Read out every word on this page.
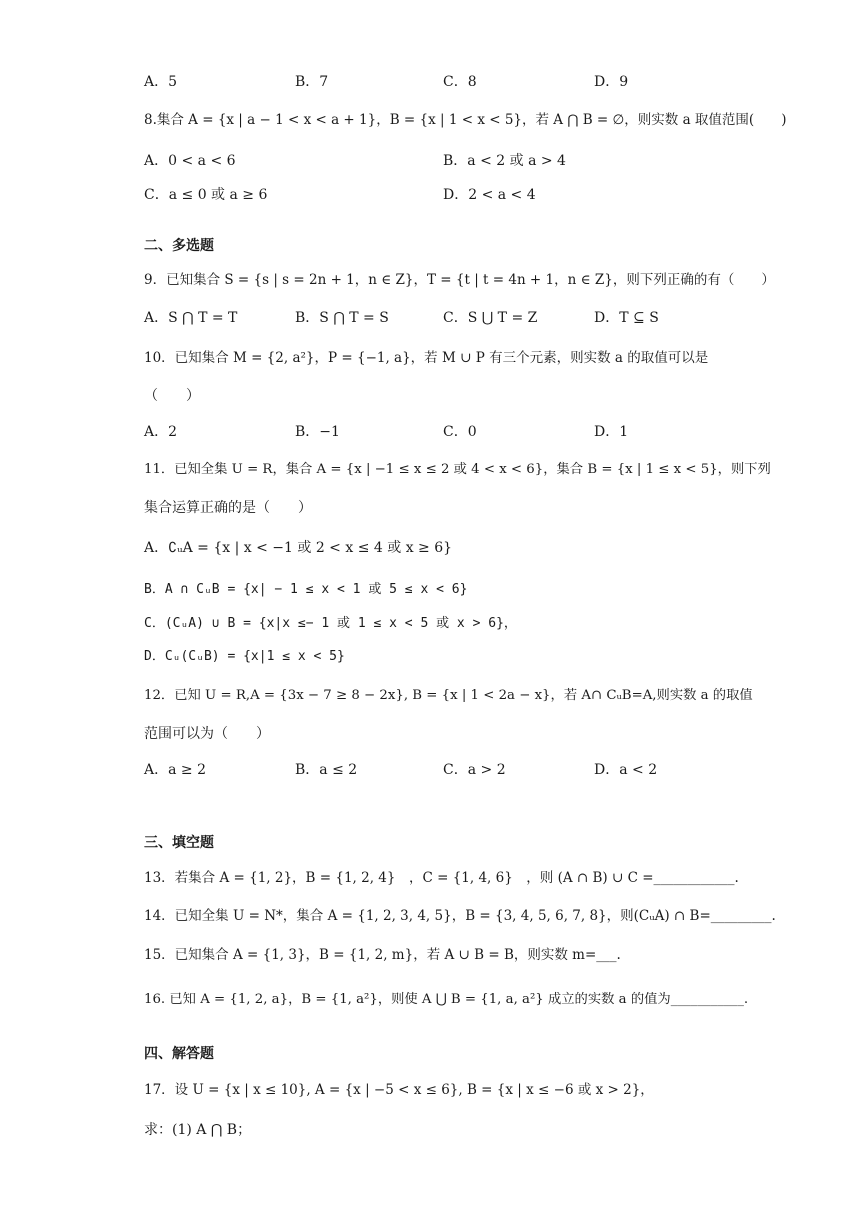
A．5	B．7	C．8	D．9
8.集合 A = {x | a − 1 < x < a + 1}，B = {x | 1 < x < 5}，若 A ⋂ B = ∅，则实数 a 取值范围(　　)
A．0 < a < 6	B．a < 2 或 a > 4
C．a ≤ 0 或 a ≥ 6	D．2 < a < 4
二、多选题
9．已知集合 S = {s | s = 2n + 1，n ∈ Z}，T = {t | t = 4n + 1，n ∈ Z}，则下列正确的有（　　）
A．S ⋂ T = T	B．S ⋂ T = S	C．S ⋃ T = Z	D．T ⊆ S
10．已知集合 M = {2, a²}，P = {−1, a}，若 M ∪ P 有三个元素，则实数 a 的取值可以是
（　　）
A．2	B．−1	C．0	D．1
11．已知全集 U = R，集合 A = {x | −1 ≤ x ≤ 2 或 4 < x < 6}，集合 B = {x | 1 ≤ x < 5}，则下列
集合运算正确的是（　　）
A．∁ᵤA = {x | x < −1 或 2 < x ≤ 4 或 x ≥ 6}
B．A ∩ CᵤB = {x| − 1 ≤ x < 1 或 5 ≤ x < 6}
C．(CᵤA) ∪ B = {x|x ≤− 1 或 1 ≤ x < 5 或 x > 6}，
D．Cᵤ(CᵤB) = {x|1 ≤ x < 5}
12．已知 U = R,A = {3x − 7 ≥ 8 − 2x}, B = {x | 1 < 2a − x}，若 A∩ CᵤB=A,则实数 a 的取值
范围可以为（　　）
A．a ≥ 2	B．a ≤ 2	C．a > 2	D．a < 2
三、填空题
13．若集合 A = {1, 2}，B = {1, 2, 4}　，C = {1, 4, 6}　，则 (A ∩ B) ∪ C =____________.
14．已知全集 U = N*，集合 A = {1, 2, 3, 4, 5}，B = {3, 4, 5, 6, 7, 8}，则(CᵤA) ∩ B=_________.
15．已知集合 A = {1, 3}，B = {1, 2, m}，若 A ∪ B = B，则实数 m=___.
16. 已知 A = {1, 2, a}，B = {1, a²}，则使 A ⋃ B = {1, a, a²} 成立的实数 a 的值为___________.
四、解答题
17．设 U = {x | x ≤ 10}, A = {x | −5 < x ≤ 6}, B = {x | x ≤ −6 或 x > 2}，
求：(1) A ⋂ B；
